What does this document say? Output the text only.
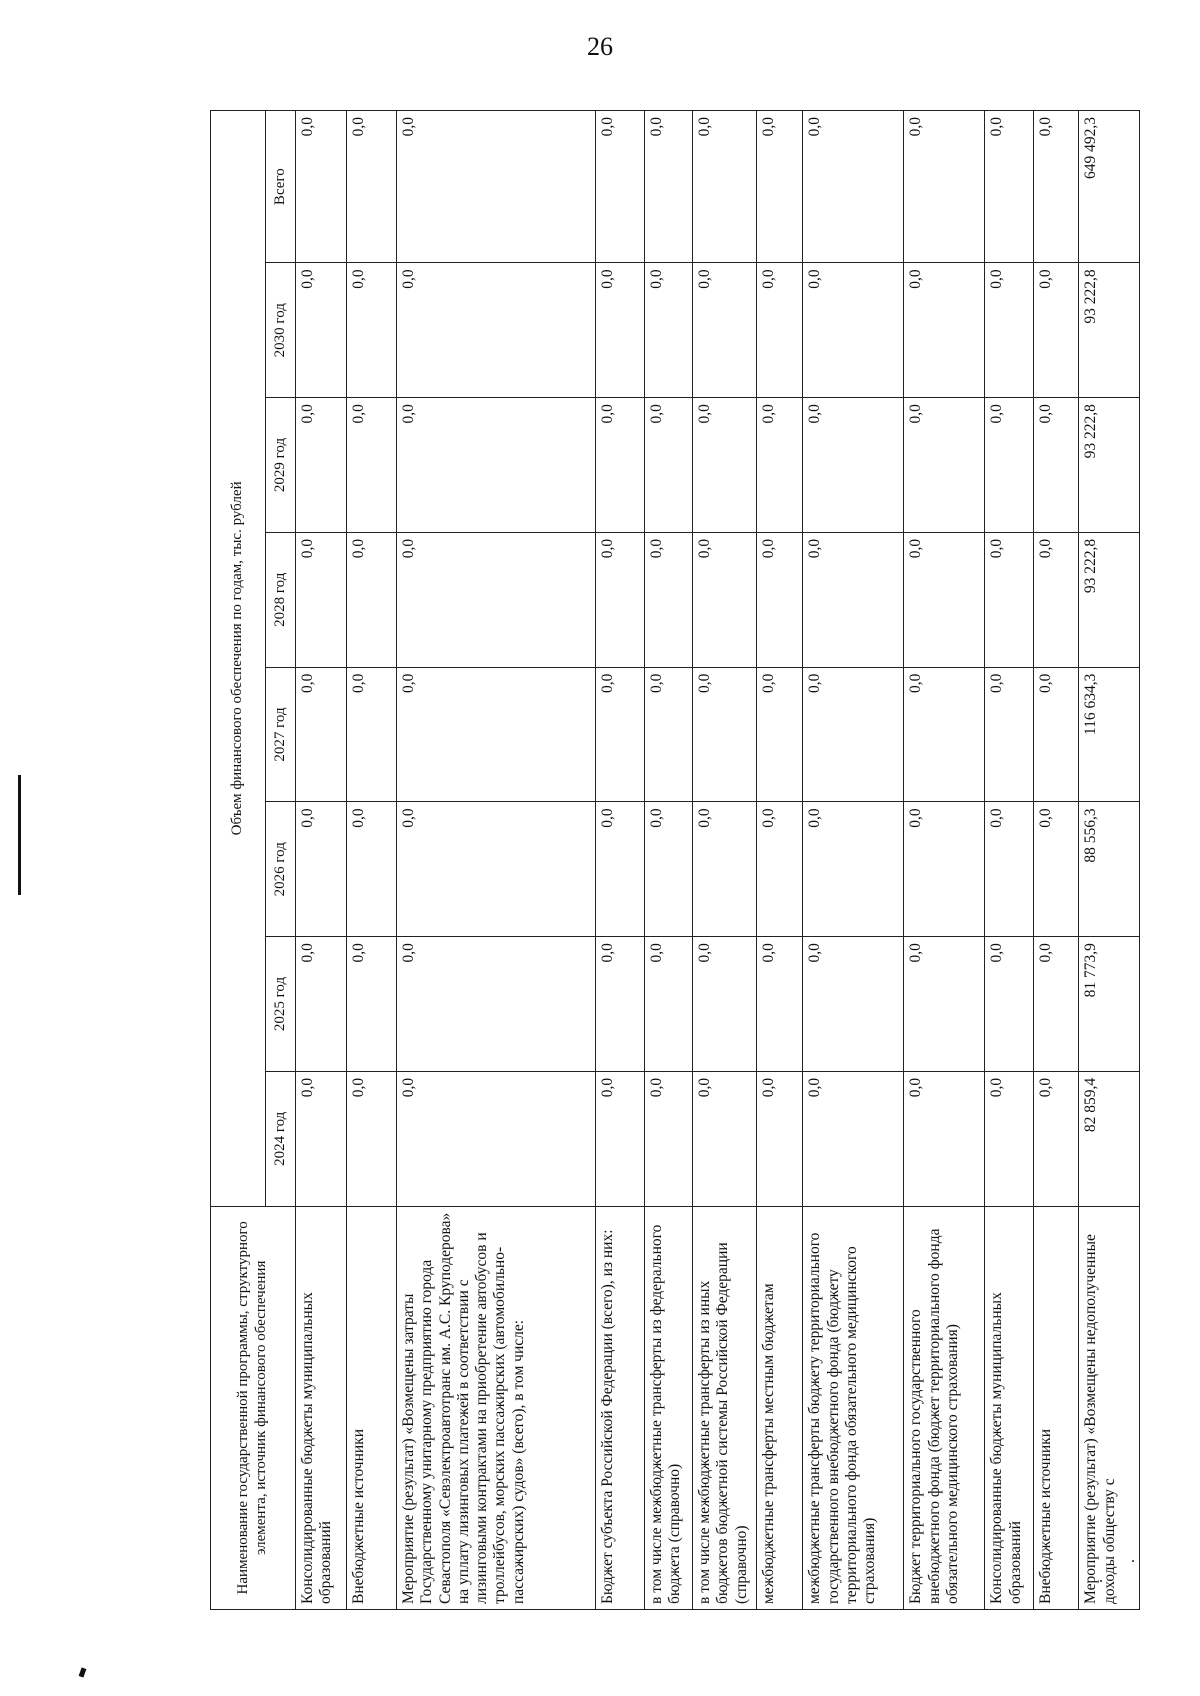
26
Наименование государственной программы, структурного элемента, источник финансового обеспечения	Объем финансового обеспечения по годам, тыс. рублей							
	2024 год	2025 год	2026 год	2027 год	2028 год	2029 год	2030 год	Всего
Консолидированные бюджеты муниципальных образований	0,0	0,0	0,0	0,0	0,0	0,0	0,0	0,0
Внебюджетные источники	0,0	0,0	0,0	0,0	0,0	0,0	0,0	0,0
Мероприятие (результат) «Возмещены затраты Государственному унитарному предприятию города Севастополя «Севэлектроавтотранс им. А.С. Круподерова» на уплату лизинговых платежей в соответствии с лизинговыми контрактами на приобретение автобусов и троллейбусов, морских пассажирских (автомобильно-пассажирских) судов» (всего), в том числе:	0,0	0,0	0,0	0,0	0,0	0,0	0,0	0,0
Бюджет субъекта Российской Федерации (всего), из них:	0,0	0,0	0,0	0,0	0,0	0,0	0,0	0,0
в том числе межбюджетные трансферты из федерального бюджета (справочно)	0,0	0,0	0,0	0,0	0,0	0,0	0,0	0,0
в том числе межбюджетные трансферты из иных бюджетов бюджетной системы Российской Федерации (справочно)	0,0	0,0	0,0	0,0	0,0	0,0	0,0	0,0
межбюджетные трансферты местным бюджетам	0,0	0,0	0,0	0,0	0,0	0,0	0,0	0,0
межбюджетные трансферты бюджету территориального государственного внебюджетного фонда (бюджету территориального фонда обязательного медицинского страхования)	0,0	0,0	0,0	0,0	0,0	0,0	0,0	0,0
Бюджет территориального государственного внебюджетного фонда (бюджет территориального фонда обязательного медицинского страхования)	0,0	0,0	0,0	0,0	0,0	0,0	0,0	0,0
Консолидированные бюджеты муниципальных образований	0,0	0,0	0,0	0,0	0,0	0,0	0,0	0,0
Внебюджетные источники	0,0	0,0	0,0	0,0	0,0	0,0	0,0	0,0
Мероприятие (результат) «Возмещены недополученные доходы обществу с	82 859,4	81 773,9	88 556,3	116 634,3	93 222,8	93 222,8	93 222,8	649 492,3
